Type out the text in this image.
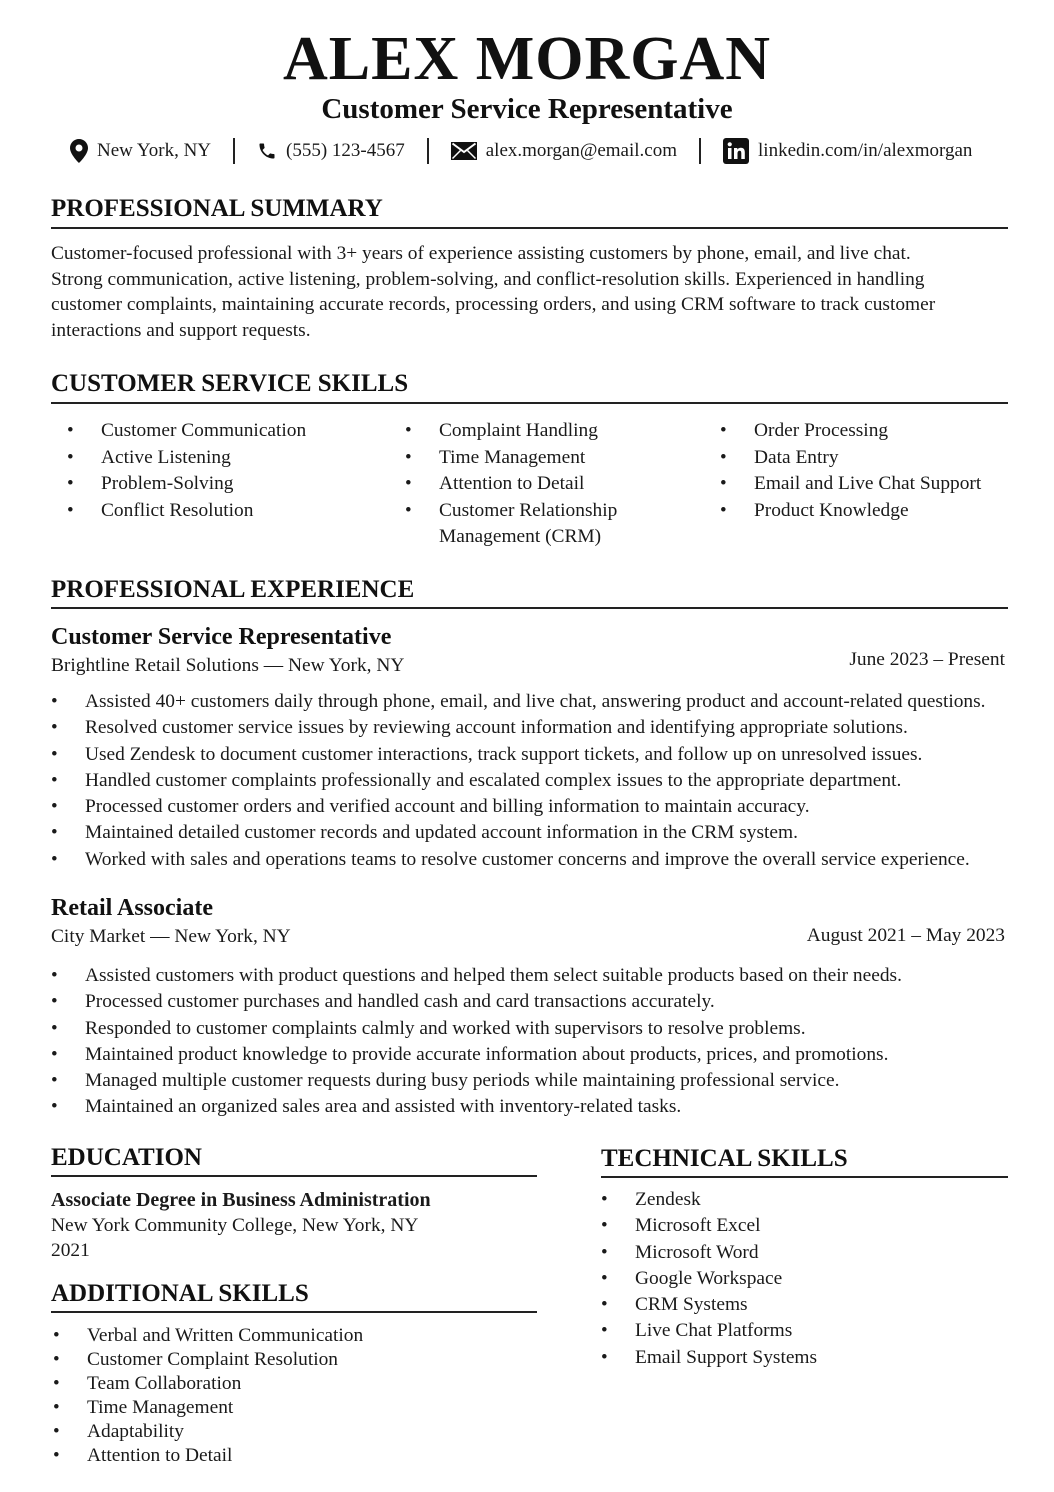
ALEX MORGAN
Customer Service Representative
New York, NY	(555) 123-4567	alex.morgan@email.com	linkedin.com/in/alexmorgan
PROFESSIONAL SUMMARY
Customer-focused professional with 3+ years of experience assisting customers by phone, email, and live chat.
Strong communication, active listening, problem-solving, and conflict-resolution skills. Experienced in handling
customer complaints, maintaining accurate records, processing orders, and using CRM software to track customer
interactions and support requests.
CUSTOMER SERVICE SKILLS
• Customer Communication
• Active Listening
• Problem-Solving
• Conflict Resolution
• Complaint Handling
• Time Management
• Attention to Detail
• Customer Relationship
Management (CRM)
• Order Processing
• Data Entry
• Email and Live Chat Support
• Product Knowledge
PROFESSIONAL EXPERIENCE
Customer Service Representative
Brightline Retail Solutions — New York, NY	June 2023 – Present
• Assisted 40+ customers daily through phone, email, and live chat, answering product and account-related questions.
• Resolved customer service issues by reviewing account information and identifying appropriate solutions.
• Used Zendesk to document customer interactions, track support tickets, and follow up on unresolved issues.
• Handled customer complaints professionally and escalated complex issues to the appropriate department.
• Processed customer orders and verified account and billing information to maintain accuracy.
• Maintained detailed customer records and updated account information in the CRM system.
• Worked with sales and operations teams to resolve customer concerns and improve the overall service experience.
Retail Associate
City Market — New York, NY	August 2021 – May 2023
• Assisted customers with product questions and helped them select suitable products based on their needs.
• Processed customer purchases and handled cash and card transactions accurately.
• Responded to customer complaints calmly and worked with supervisors to resolve problems.
• Maintained product knowledge to provide accurate information about products, prices, and promotions.
• Managed multiple customer requests during busy periods while maintaining professional service.
• Maintained an organized sales area and assisted with inventory-related tasks.
EDUCATION
Associate Degree in Business Administration
New York Community College, New York, NY
2021
ADDITIONAL SKILLS
• Verbal and Written Communication
• Customer Complaint Resolution
• Team Collaboration
• Time Management
• Adaptability
• Attention to Detail
TECHNICAL SKILLS
• Zendesk
• Microsoft Excel
• Microsoft Word
• Google Workspace
• CRM Systems
• Live Chat Platforms
• Email Support Systems
